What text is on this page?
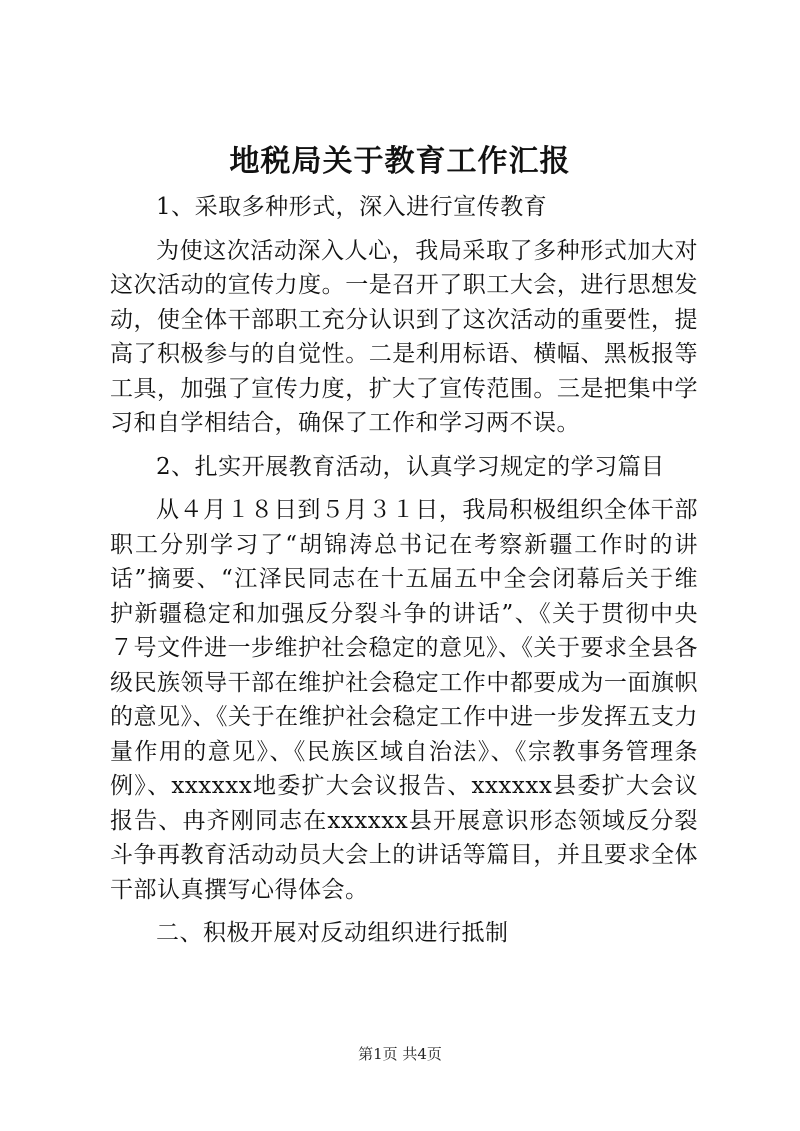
地税局关于教育工作汇报

1、采取多种形式，深入进行宣传教育

为使这次活动深入人心，我局采取了多种形式加大对这次活动的宣传力度。一是召开了职工大会，进行思想发动，使全体干部职工充分认识到了这次活动的重要性，提高了积极参与的自觉性。二是利用标语、横幅、黑板报等工具，加强了宣传力度，扩大了宣传范围。三是把集中学习和自学相结合，确保了工作和学习两不误。

2、扎实开展教育活动，认真学习规定的学习篇目

从４月１８日到５月３１日，我局积极组织全体干部职工分别学习了“胡锦涛总书记在考察新疆工作时的讲话”摘要、“江泽民同志在十五届五中全会闭幕后关于维护新疆稳定和加强反分裂斗争的讲话”、《关于贯彻中央７号文件进一步维护社会稳定的意见》、《关于要求全县各级民族领导干部在维护社会稳定工作中都要成为一面旗帜的意见》、《关于在维护社会稳定工作中进一步发挥五支力量作用的意见》、《民族区域自治法》、《宗教事务管理条例》、xxxxxx地委扩大会议报告、xxxxxx县委扩大会议报告、冉齐刚同志在xxxxxx县开展意识形态领域反分裂斗争再教育活动动员大会上的讲话等篇目，并且要求全体干部认真撰写心得体会。

二、积极开展对反动组织进行抵制

第1页 共4页
